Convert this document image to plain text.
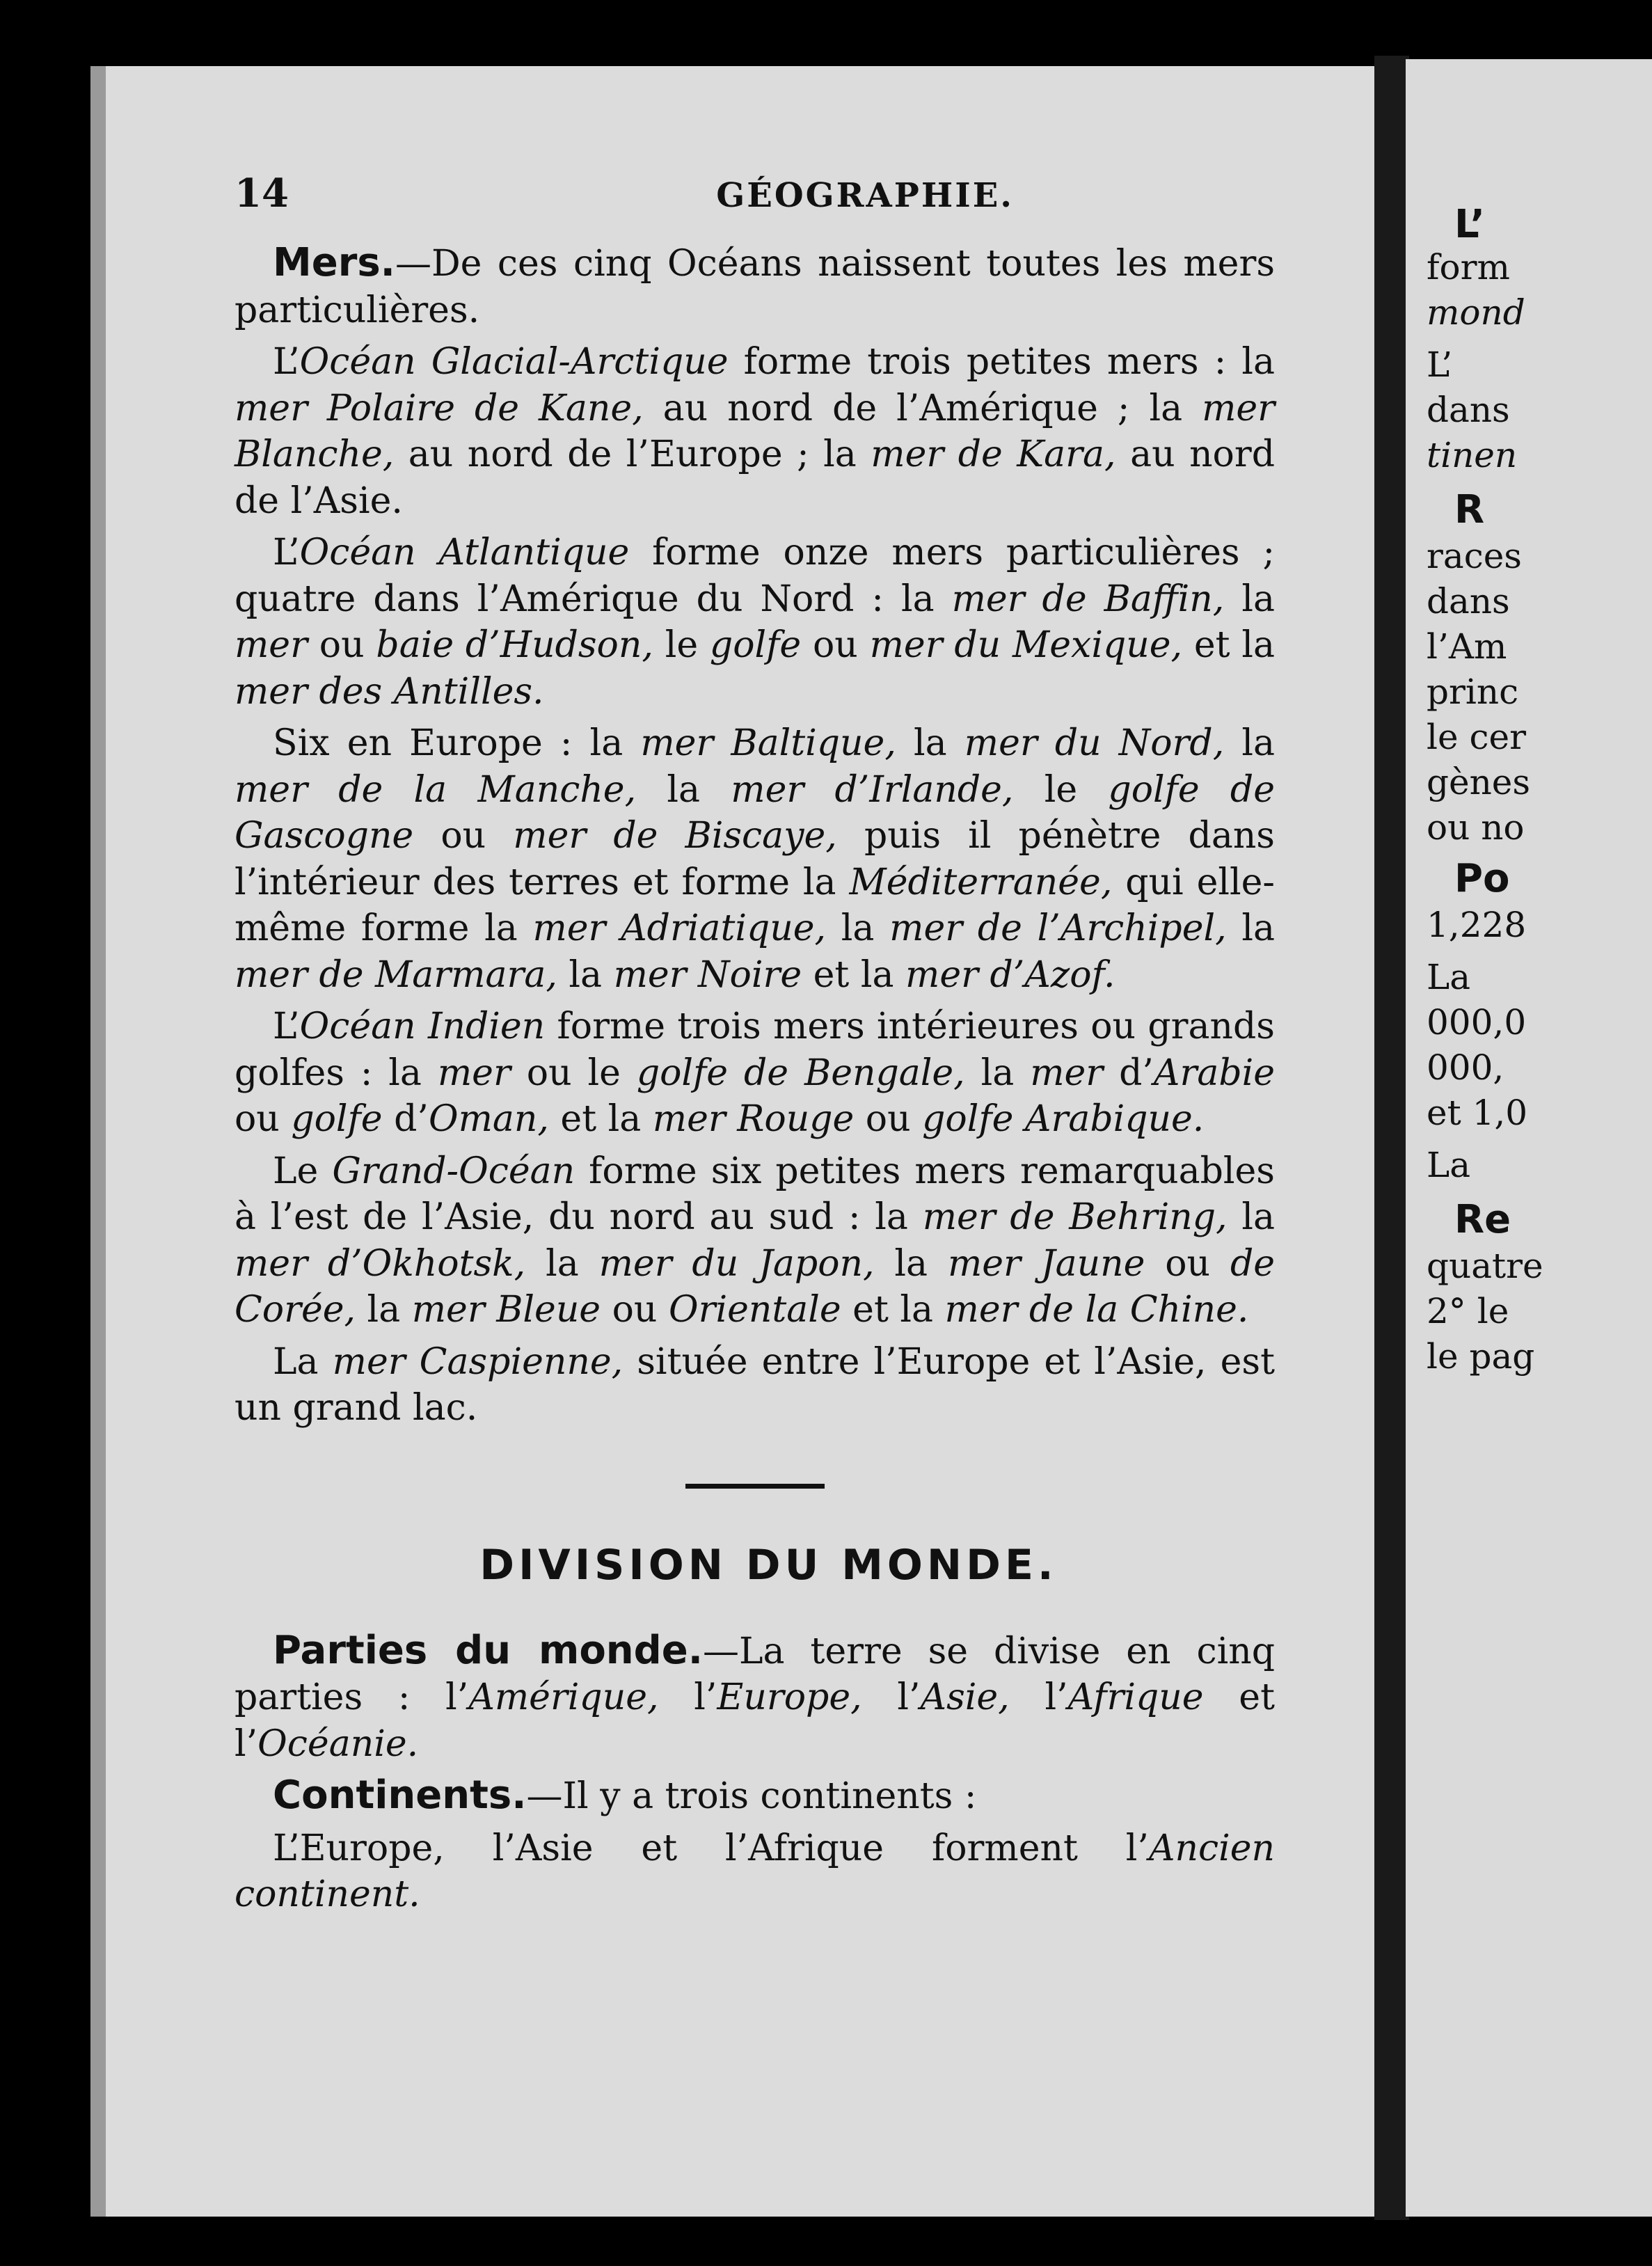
14	GÉOGRAPHIE.

Mers.—De ces cinq Océans naissent toutes les mers particulières.

L’Océan Glacial-Arctique forme trois petites mers : la mer Polaire de Kane, au nord de l’Amérique ; la mer Blanche, au nord de l’Europe ; la mer de Kara, au nord de l’Asie.

L’Océan Atlantique forme onze mers particulières ; quatre dans l’Amérique du Nord : la mer de Baffin, la mer ou baie d’Hudson, le golfe ou mer du Mexique, et la mer des Antilles.

Six en Europe : la mer Baltique, la mer du Nord, la mer de la Manche, la mer d’Irlande, le golfe de Gascogne ou mer de Biscaye, puis il pénètre dans l’intérieur des terres et forme la Méditerranée, qui elle-même forme la mer Adriatique, la mer de l’Archipel, la mer de Marmara, la mer Noire et la mer d’Azof.

L’Océan Indien forme trois mers intérieures ou grands golfes : la mer ou le golfe de Bengale, la mer d’Arabie ou golfe d’Oman, et la mer Rouge ou golfe Arabique.

Le Grand-Océan forme six petites mers remarquables à l’est de l’Asie, du nord au sud : la mer de Behring, la mer d’Okhotsk, la mer du Japon, la mer Jaune ou de Corée, la mer Bleue ou Orientale et la mer de la Chine.

La mer Caspienne, située entre l’Europe et l’Asie, est un grand lac.

DIVISION DU MONDE.

Parties du monde.—La terre se divise en cinq parties : l’Amérique, l’Europe, l’Asie, l’Afrique et l’Océanie.

Continents.—Il y a trois continents :

L’Europe, l’Asie et l’Afrique forment l’Ancien continent.

L’
form
mond
L’
dans
tinen
R
races
dans
l’Am
princ
le cer
gènes
ou no
Po
1,228
La
000,0
000,
et 1,0
La
Re
quatre
2° le
le pag
